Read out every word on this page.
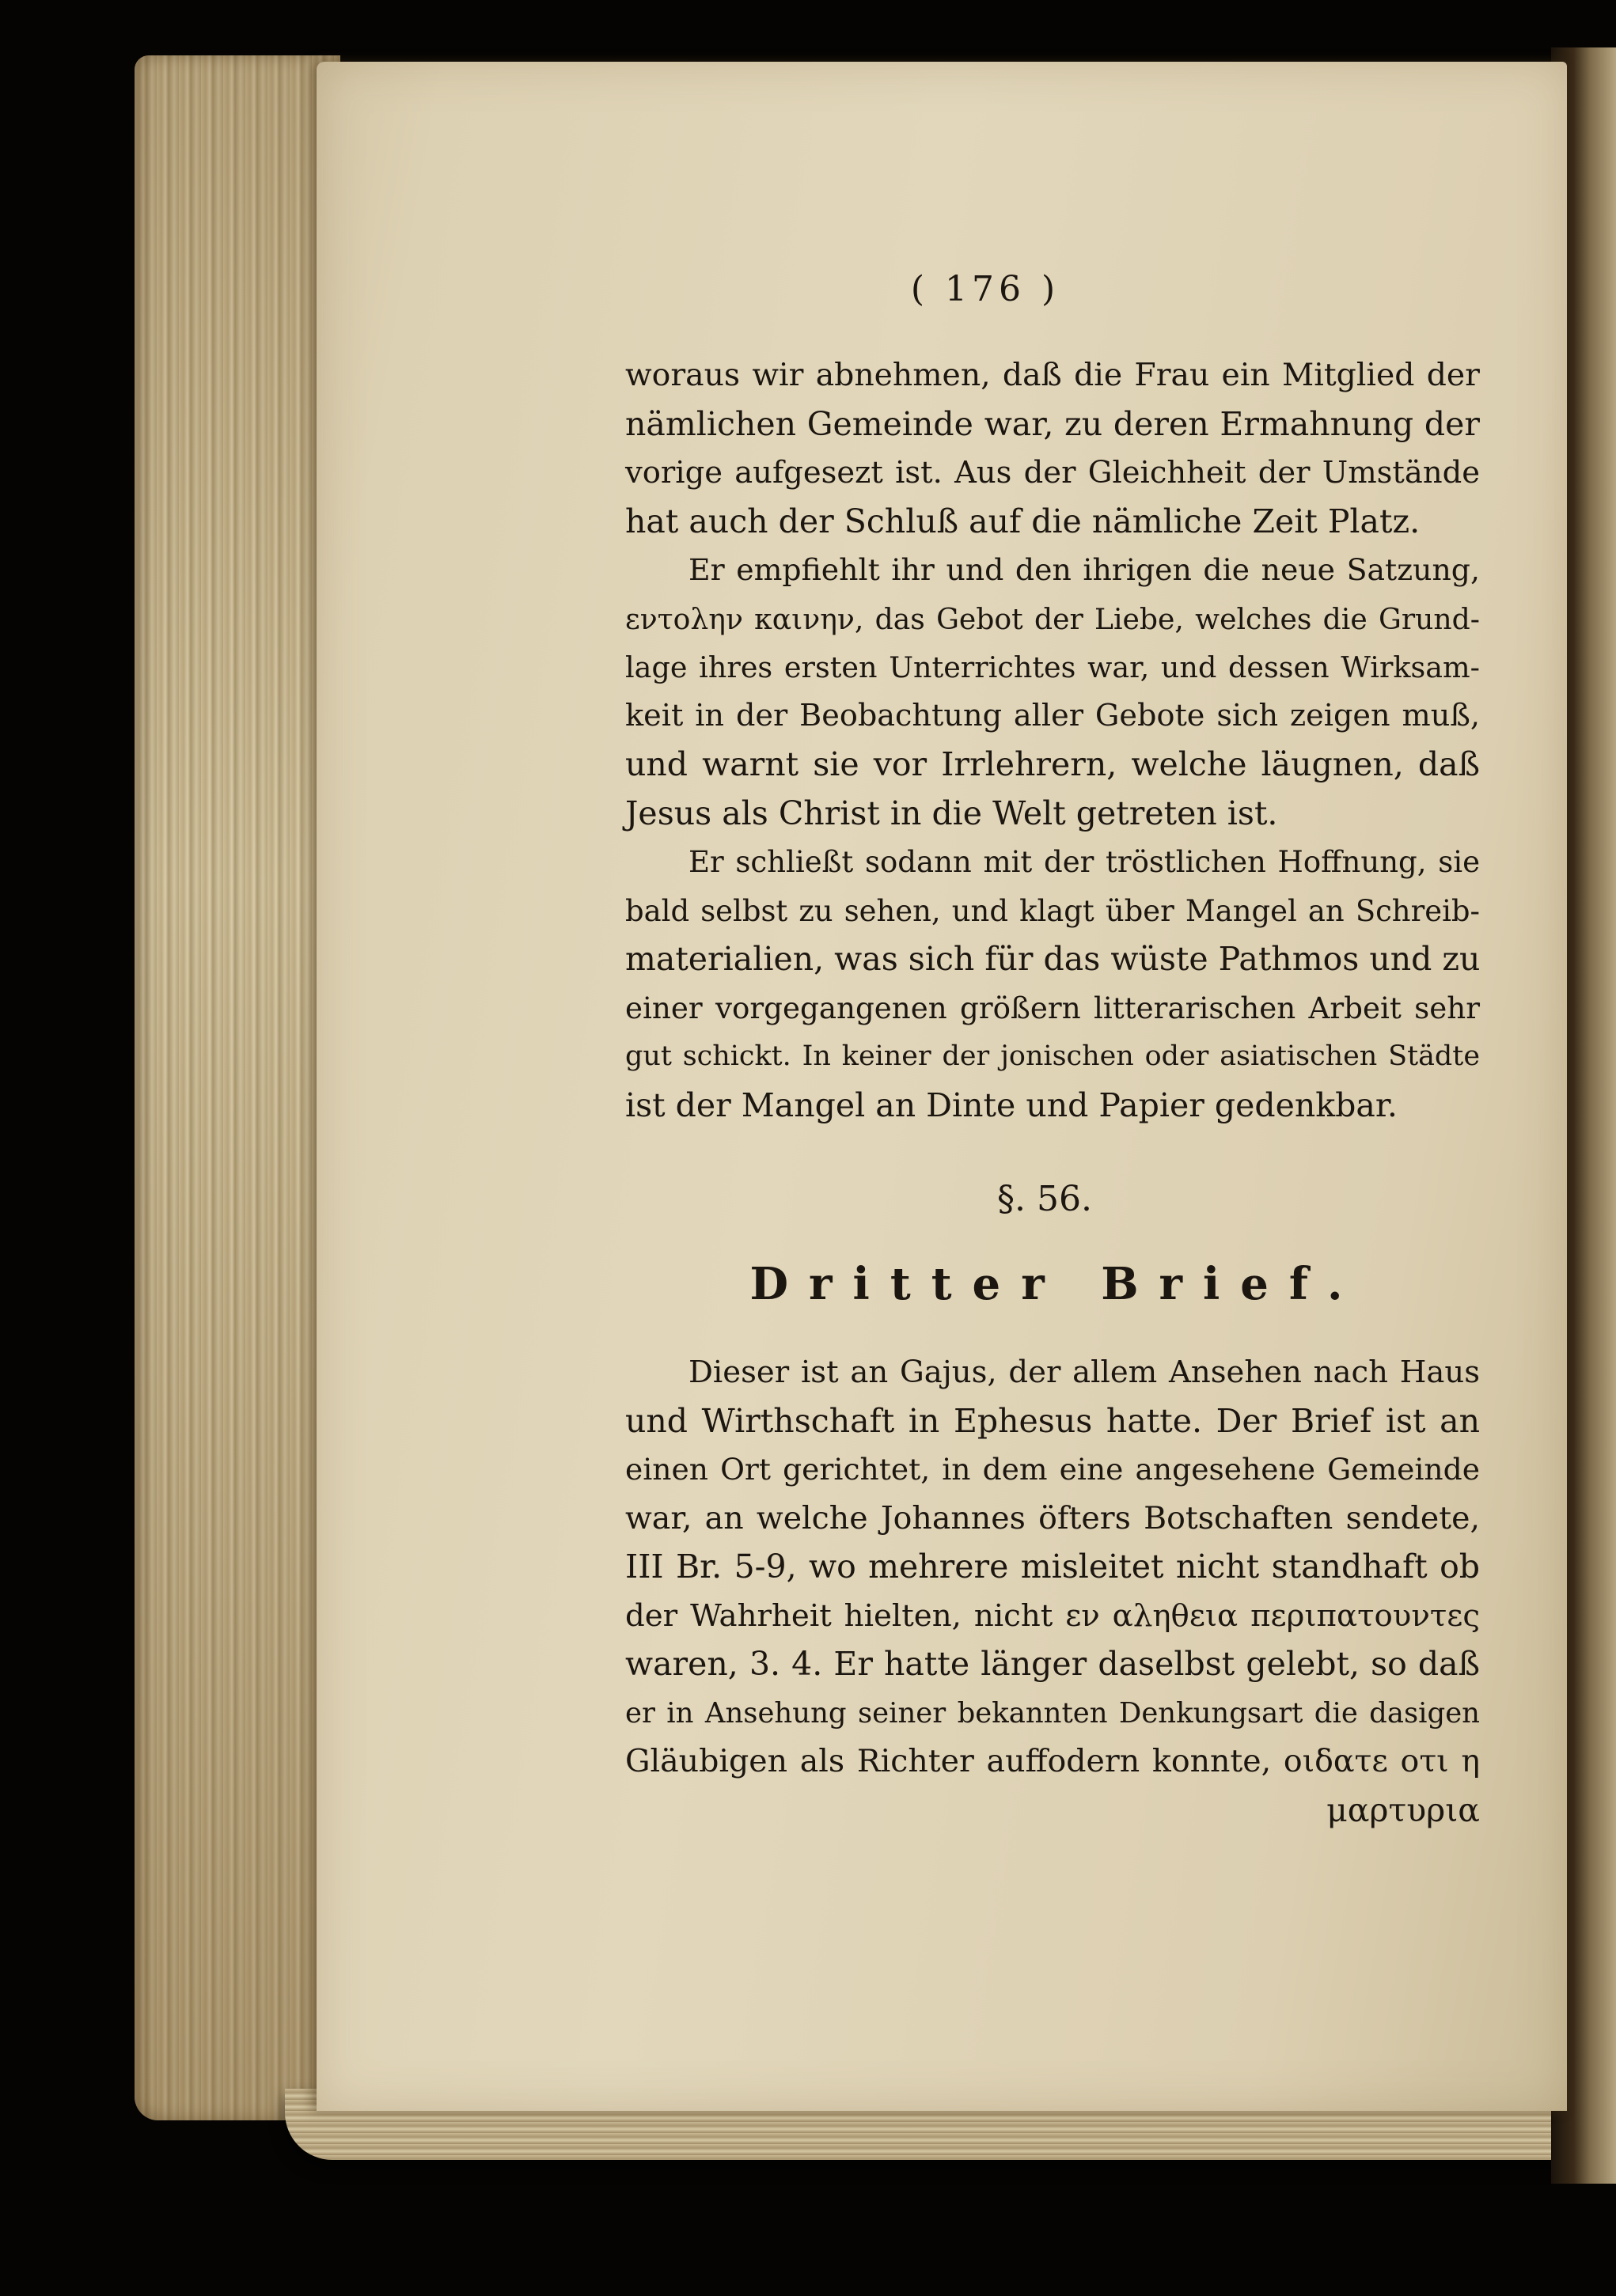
( 176 )

woraus wir abnehmen, daß die Frau ein Mitglied der
nämlichen Gemeinde war, zu deren Ermahnung der
vorige aufgesezt ist. Aus der Gleichheit der Umstände
hat auch der Schluß auf die nämliche Zeit Platz.

Er empfiehlt ihr und den ihrigen die neue Satzung,
εντολην καινην, das Gebot der Liebe, welches die Grund-
lage ihres ersten Unterrichtes war, und dessen Wirksam-
keit in der Beobachtung aller Gebote sich zeigen muß,
und warnt sie vor Irrlehrern, welche läugnen, daß
Jesus als Christ in die Welt getreten ist.

Er schließt sodann mit der tröstlichen Hoffnung, sie
bald selbst zu sehen, und klagt über Mangel an Schreib-
materialien, was sich für das wüste Pathmos und zu
einer vorgegangenen größern litterarischen Arbeit sehr
gut schickt. In keiner der jonischen oder asiatischen Städte
ist der Mangel an Dinte und Papier gedenkbar.

§. 56.
Dritter Brief.

Dieser ist an Gajus, der allem Ansehen nach Haus
und Wirthschaft in Ephesus hatte. Der Brief ist an
einen Ort gerichtet, in dem eine angesehene Gemeinde
war, an welche Johannes öfters Botschaften sendete,
III Br. 5-9, wo mehrere misleitet nicht standhaft ob
der Wahrheit hielten, nicht εν αληθεια περιπατουντες
waren, 3. 4. Er hatte länger daselbst gelebt, so daß
er in Ansehung seiner bekannten Denkungsart die dasigen
Gläubigen als Richter auffodern konnte, οιδατε οτι η
μαρτυρια
